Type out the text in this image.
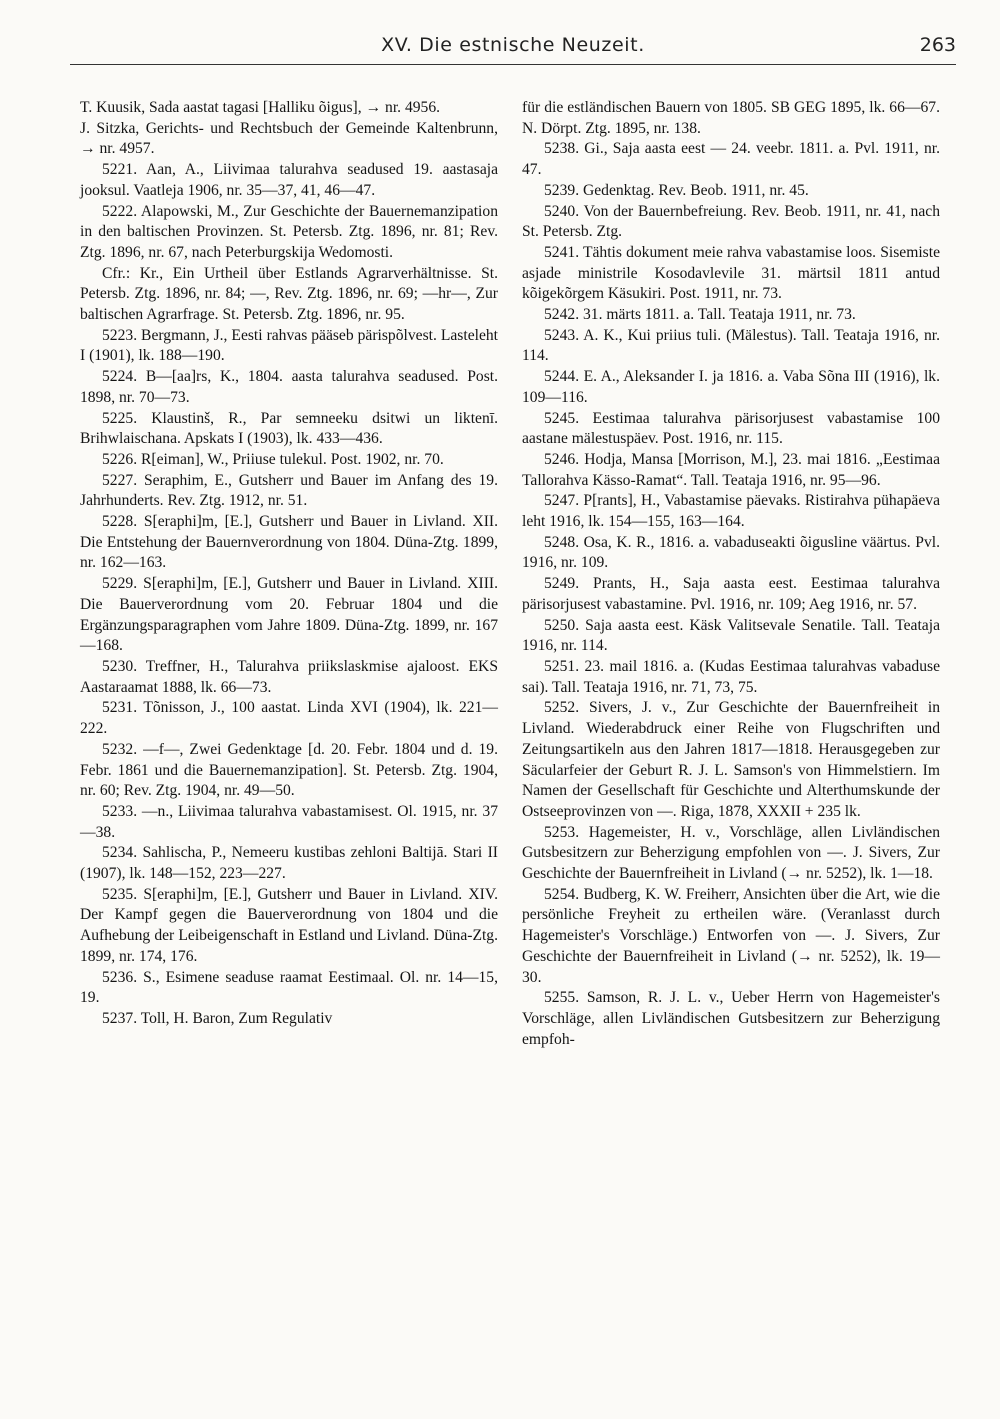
XV. Die estnische Neuzeit.	263

T. Kuusik, Sada aastat tagasi [Halliku õigus], → nr. 4956.

J. Sitzka, Gerichts- und Rechtsbuch der Gemeinde Kaltenbrunn, → nr. 4957.

5221. Aan, A., Liivimaa talurahva seadused 19. aastasaja jooksul. Vaatleja 1906, nr. 35—37, 41, 46—47.

5222. Alapowski, M., Zur Geschichte der Bauernemanzipation in den baltischen Provinzen. St. Petersb. Ztg. 1896, nr. 81; Rev. Ztg. 1896, nr. 67, nach Peterburgskija Wedomosti.

Cfr.: Kr., Ein Urtheil über Estlands Agrarverhältnisse. St. Petersb. Ztg. 1896, nr. 84; —, Rev. Ztg. 1896, nr. 69; —hr—, Zur baltischen Agrarfrage. St. Petersb. Ztg. 1896, nr. 95.

5223. Bergmann, J., Eesti rahvas pääseb pärispõlvest. Lasteleht I (1901), lk. 188—190.

5224. B—[aa]rs, K., 1804. aasta talurahva seadused. Post. 1898, nr. 70—73.

5225. Klaustinš, R., Par semneeku dsitwi un liktenī. Brihwlaischana. Apskats I (1903), lk. 433—436.

5226. R[eiman], W., Priiuse tulekul. Post. 1902, nr. 70.

5227. Seraphim, E., Gutsherr und Bauer im Anfang des 19. Jahrhunderts. Rev. Ztg. 1912, nr. 51.

5228. S[eraphi]m, [E.], Gutsherr und Bauer in Livland. XII. Die Entstehung der Bauernverordnung von 1804. Düna-Ztg. 1899, nr. 162—163.

5229. S[eraphi]m, [E.], Gutsherr und Bauer in Livland. XIII. Die Bauerverordnung vom 20. Februar 1804 und die Ergänzungsparagraphen vom Jahre 1809. Düna-Ztg. 1899, nr. 167—168.

5230. Treffner, H., Talurahva priikslaskmise ajaloost. EKS Aastaraamat 1888, lk. 66—73.

5231. Tõnisson, J., 100 aastat. Linda XVI (1904), lk. 221—222.

5232. —f—, Zwei Gedenktage [d. 20. Febr. 1804 und d. 19. Febr. 1861 und die Bauernemanzipation]. St. Petersb. Ztg. 1904, nr. 60; Rev. Ztg. 1904, nr. 49—50.

5233. —n., Liivimaa talurahva vabastamisest. Ol. 1915, nr. 37—38.

5234. Sahlischa, P., Nemeeru kustibas zehloni Baltijā. Stari II (1907), lk. 148—152, 223—227.

5235. S[eraphi]m, [E.], Gutsherr und Bauer in Livland. XIV. Der Kampf gegen die Bauerverordnung von 1804 und die Aufhebung der Leibeigenschaft in Estland und Livland. Düna-Ztg. 1899, nr. 174, 176.

5236. S., Esimene seaduse raamat Eestimaal. Ol. nr. 14—15, 19.

5237. Toll, H. Baron, Zum Regulativ

für die estländischen Bauern von 1805. SB GEG 1895, lk. 66—67. N. Dörpt. Ztg. 1895, nr. 138.

5238. Gi., Saja aasta eest — 24. veebr. 1811. a. Pvl. 1911, nr. 47.

5239. Gedenktag. Rev. Beob. 1911, nr. 45.

5240. Von der Bauernbefreiung. Rev. Beob. 1911, nr. 41, nach St. Petersb. Ztg.

5241. Tähtis dokument meie rahva vabastamise loos. Sisemiste asjade ministrile Kosodavlevile 31. märtsil 1811 antud kõigekõrgem Käsukiri. Post. 1911, nr. 73.

5242. 31. märts 1811. a. Tall. Teataja 1911, nr. 73.

5243. A. K., Kui priius tuli. (Mälestus). Tall. Teataja 1916, nr. 114.

5244. E. A., Aleksander I. ja 1816. a. Vaba Sõna III (1916), lk. 109—116.

5245. Eestimaa talurahva pärisorjusest vabastamise 100 aastane mälestuspäev. Post. 1916, nr. 115.

5246. Hodja, Mansa [Morrison, M.], 23. mai 1816. „Eestimaa Tallorahva Kässo-Ramat“. Tall. Teataja 1916, nr. 95—96.

5247. P[rants], H., Vabastamise päevaks. Ristirahva pühapäeva leht 1916, lk. 154—155, 163—164.

5248. Osa, K. R., 1816. a. vabaduseakti õigusline väärtus. Pvl. 1916, nr. 109.

5249. Prants, H., Saja aasta eest. Eestimaa talurahva pärisorjusest vabastamine. Pvl. 1916, nr. 109; Aeg 1916, nr. 57.

5250. Saja aasta eest. Käsk Valitsevale Senatile. Tall. Teataja 1916, nr. 114.

5251. 23. mail 1816. a. (Kudas Eestimaa talurahvas vabaduse sai). Tall. Teataja 1916, nr. 71, 73, 75.

5252. Sivers, J. v., Zur Geschichte der Bauernfreiheit in Livland. Wiederabdruck einer Reihe von Flugschriften und Zeitungsartikeln aus den Jahren 1817—1818. Herausgegeben zur Säcularfeier der Geburt R. J. L. Samson's von Himmelstiern. Im Namen der Gesellschaft für Geschichte und Alterthumskunde der Ostseeprovinzen von —. Riga, 1878, XXXII + 235 lk.

5253. Hagemeister, H. v., Vorschläge, allen Livländischen Gutsbesitzern zur Beherzigung empfohlen von —. J. Sivers, Zur Geschichte der Bauernfreiheit in Livland (→ nr. 5252), lk. 1—18.

5254. Budberg, K. W. Freiherr, Ansichten über die Art, wie die persönliche Freyheit zu ertheilen wäre. (Veranlasst durch Hagemeister's Vorschläge.) Entworfen von —. J. Sivers, Zur Geschichte der Bauernfreiheit in Livland (→ nr. 5252), lk. 19—30.

5255. Samson, R. J. L. v., Ueber Herrn von Hagemeister's Vorschläge, allen Livländischen Gutsbesitzern zur Beherzigung empfoh-
